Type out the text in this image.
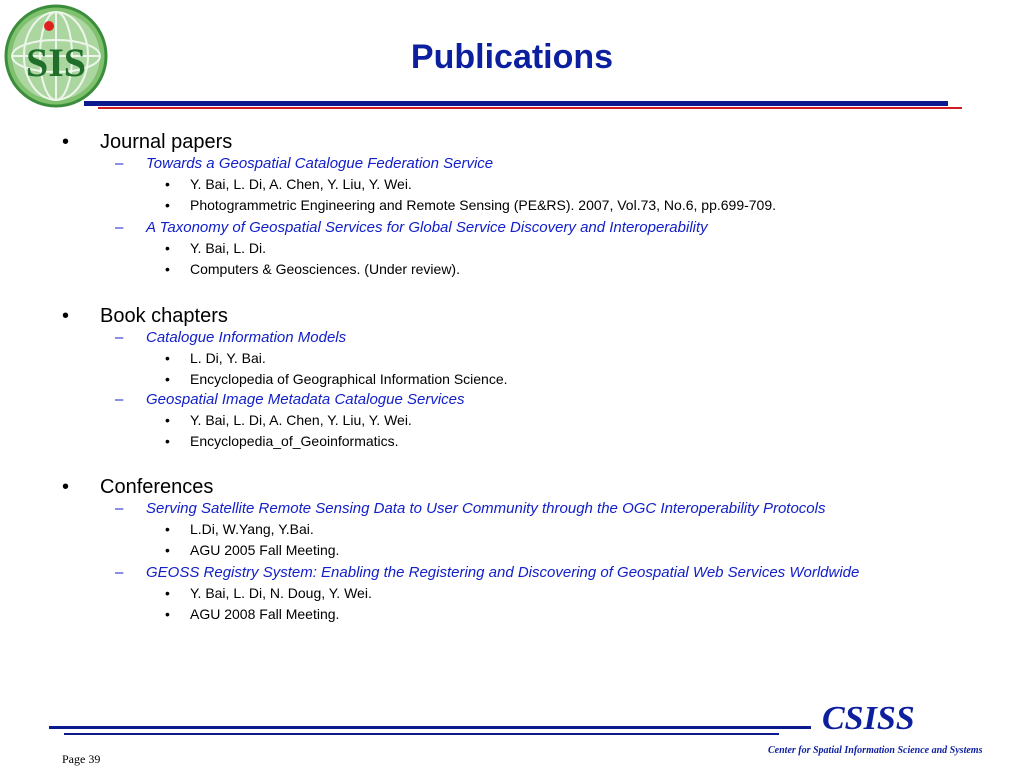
SIS	Publications
• Journal papers
– Towards a Geospatial Catalogue Federation Service
• Y. Bai, L. Di, A. Chen, Y. Liu, Y. Wei.
• Photogrammetric Engineering and Remote Sensing (PE&RS). 2007, Vol.73, No.6, pp.699-709.
– A Taxonomy of Geospatial Services for Global Service Discovery and Interoperability
• Y. Bai, L. Di.
• Computers & Geosciences. (Under review).
• Book chapters
– Catalogue Information Models
• L. Di, Y. Bai.
• Encyclopedia of Geographical Information Science.
– Geospatial Image Metadata Catalogue Services
• Y. Bai, L. Di, A. Chen, Y. Liu, Y. Wei.
• Encyclopedia_of_Geoinformatics.
• Conferences
– Serving Satellite Remote Sensing Data to User Community through the OGC Interoperability Protocols
• L.Di, W.Yang, Y.Bai.
• AGU 2005 Fall Meeting.
– GEOSS Registry System: Enabling the Registering and Discovering of Geospatial Web Services Worldwide
• Y. Bai, L. Di, N. Doug, Y. Wei.
• AGU 2008 Fall Meeting.
CSISS
Center for Spatial Information Science and Systems
Page 39
